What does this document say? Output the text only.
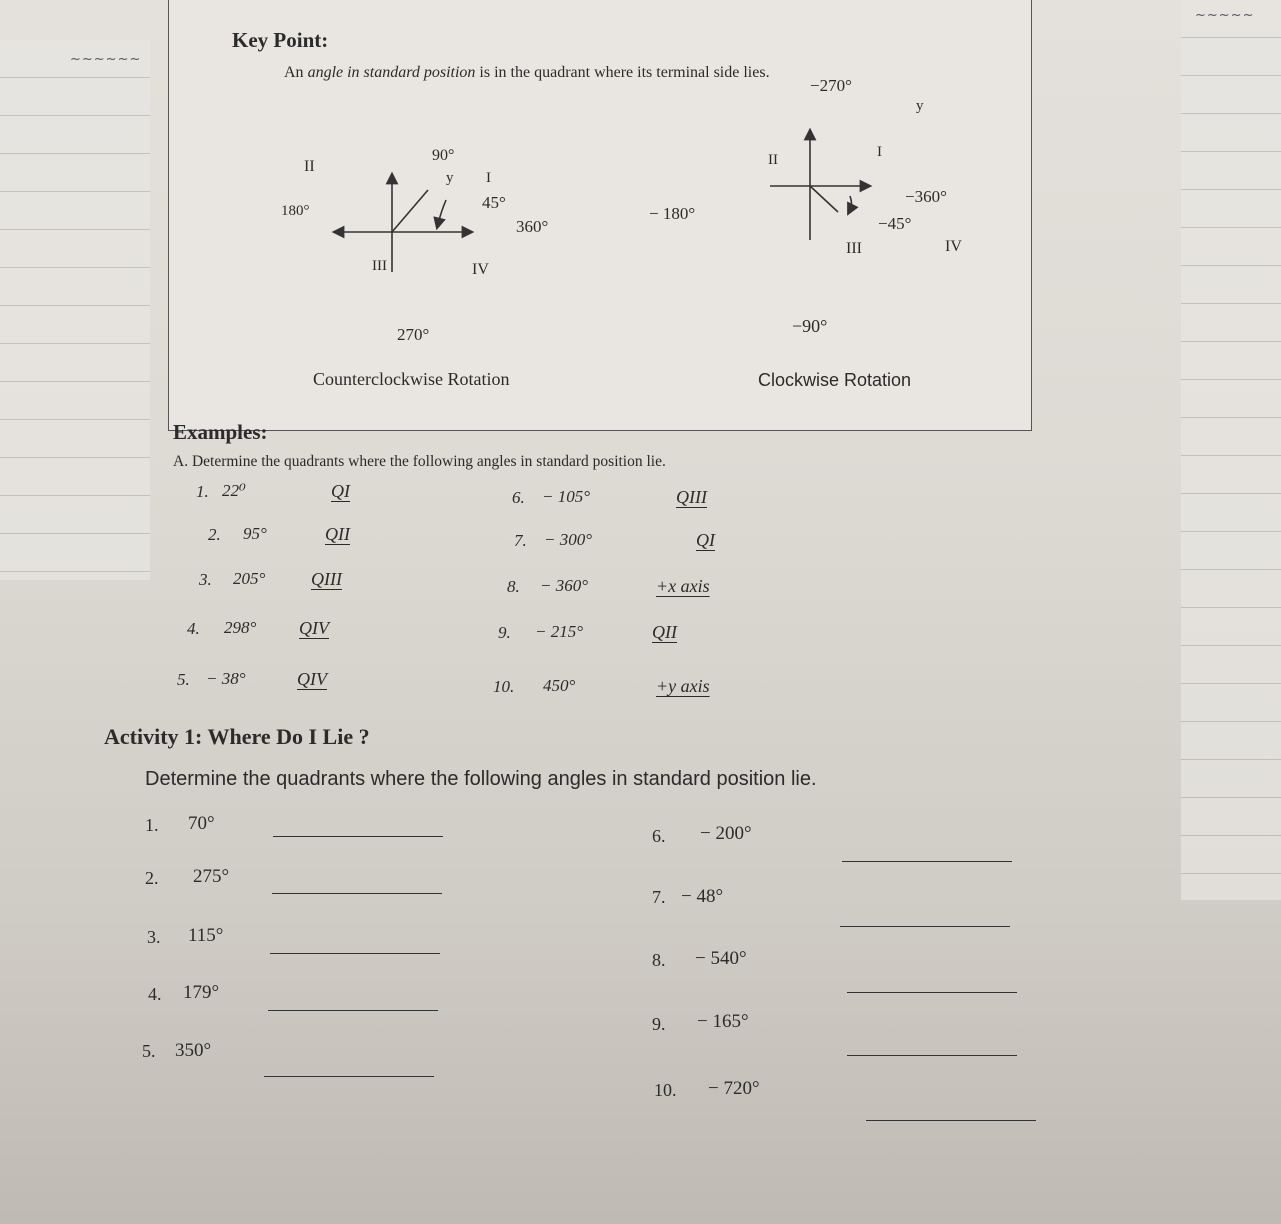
~~~~~~
~~~~~
Key Point:
An angle in standard position is in the quadrant where its terminal side lies.
90°
II
y I
180°	45°
360°
III	IV
270°
Counterclockwise Rotation
−270°
y
II	I
− 180°
−360°
−45°
III	IV
−90°
Clockwise Rotation
Examples:
A. Determine the quadrants where the following angles in standard position lie.
1. 22⁰	QI
2. 95°	QII
3. 205°	QIII
4. 298° QIV
5. − 38°	QIV
6. − 105°	QIII
7. − 300°	QI
8. − 360°	+x axis
9. − 215°	QII
10. 450°	+y axis
Activity 1: Where Do I Lie ?
Determine the quadrants where the following angles in standard position lie.
1. 70°
2. 275°
3. 115°
4. 179°
5. 350°
6. − 200°
7. − 48°
8. − 540°
9. − 165°
10. − 720°
